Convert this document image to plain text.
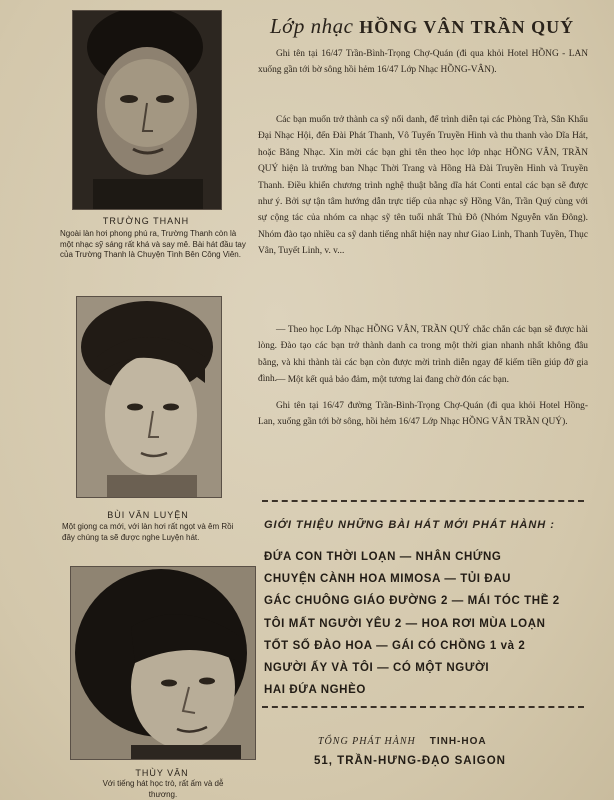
TRƯỜNG THANH
Ngoài làn hơi phong phú ra, Trường Thanh còn là một nhạc sỹ sáng rất khá và say mê. Bài hát đầu tay của Trường Thanh là Chuyện Tình Bên Công Viên.
BÙI VĂN LUYỆN
Một giọng ca mới, với làn hơi rất ngọt và êm Rồi đây chúng ta sẽ được nghe Luyện hát.
THÙY VÂN
Với tiếng hát học trò, rất ấm và dễ thương.
Lớp nhạc HỒNG VÂN TRẦN QUÝ
Ghi tên tại 16/47 Trần-Bình-Trọng Chợ-Quán (đi qua khỏi Hotel HỒNG - LAN xuống gần tới bờ sông hồi hẻm 16/47 Lớp Nhạc HỒNG-VÂN).
Các bạn muốn trở thành ca sỹ nổi danh, để trình diễn tại các Phòng Trà, Sân Khấu Đại Nhạc Hội, đến Đài Phát Thanh, Vô Tuyến Truyền Hình và thu thanh vào Dĩa Hát, hoặc Băng Nhạc. Xin mời các bạn ghi tên theo học lớp nhạc HỒNG VÂN, TRẦN QUÝ hiện là trưởng ban Nhạc Thời Trang và Hồng Hà Đài Truyền Hình và Truyền Thanh. Điều khiển chương trình nghệ thuật bằng dĩa hát Conti ental các bạn sẽ được như ý. Bởi sự tận tâm hướng dẫn trực tiếp của nhạc sỹ Hồng Vân, Trần Quý cùng với sự cộng tác của nhóm ca nhạc sỹ tên tuổi nhất Thủ Đô (Nhóm Nguyễn văn Đông). Nhóm đào tạo nhiều ca sỹ danh tiếng nhất hiện nay như Giao Linh, Thanh Tuyền, Thục Vân, Tuyết Linh, v. v...
— Theo học Lớp Nhạc HỒNG VÂN, TRẦN QUÝ chắc chắn các bạn sẽ được hài lòng. Đào tạo các bạn trở thành danh ca trong một thời gian nhanh nhất không đâu bằng, và khi thành tài các bạn còn được mời trình diễn ngay để kiếm tiền giúp đỡ gia đình.
— Một kết quả bảo đảm, một tương lai đang chờ đón các bạn.
Ghi tên tại 16/47 đường Trần-Bình-Trọng Chợ-Quán (đi qua khỏi Hotel Hồng-Lan, xuống gần tới bờ sông, hồi hẻm 16/47 Lớp Nhạc HỒNG VÂN TRẦN QUÝ).
GIỚI THIỆU NHỮNG BÀI HÁT MỚI PHÁT HÀNH :
ĐỨA CON THỜI LOẠN — NHÂN CHỨNG
CHUYỆN CÀNH HOA MIMOSA — TỦI ĐAU
GÁC CHUÔNG GIÁO ĐƯỜNG 2 — MÁI TÓC THỀ 2
TÔI MẤT NGƯỜI YÊU 2 — HOA RƠI MÙA LOẠN
TỐT SỐ ĐÀO HOA — GÁI CÓ CHỒNG 1 và 2
NGƯỜI ẤY VÀ TÔI — CÓ MỘT NGƯỜI
HAI ĐỨA NGHÈO
TỔNG PHÁT HÀNH TINH-HOA
51, TRẦN-HƯNG-ĐẠO SAIGON
